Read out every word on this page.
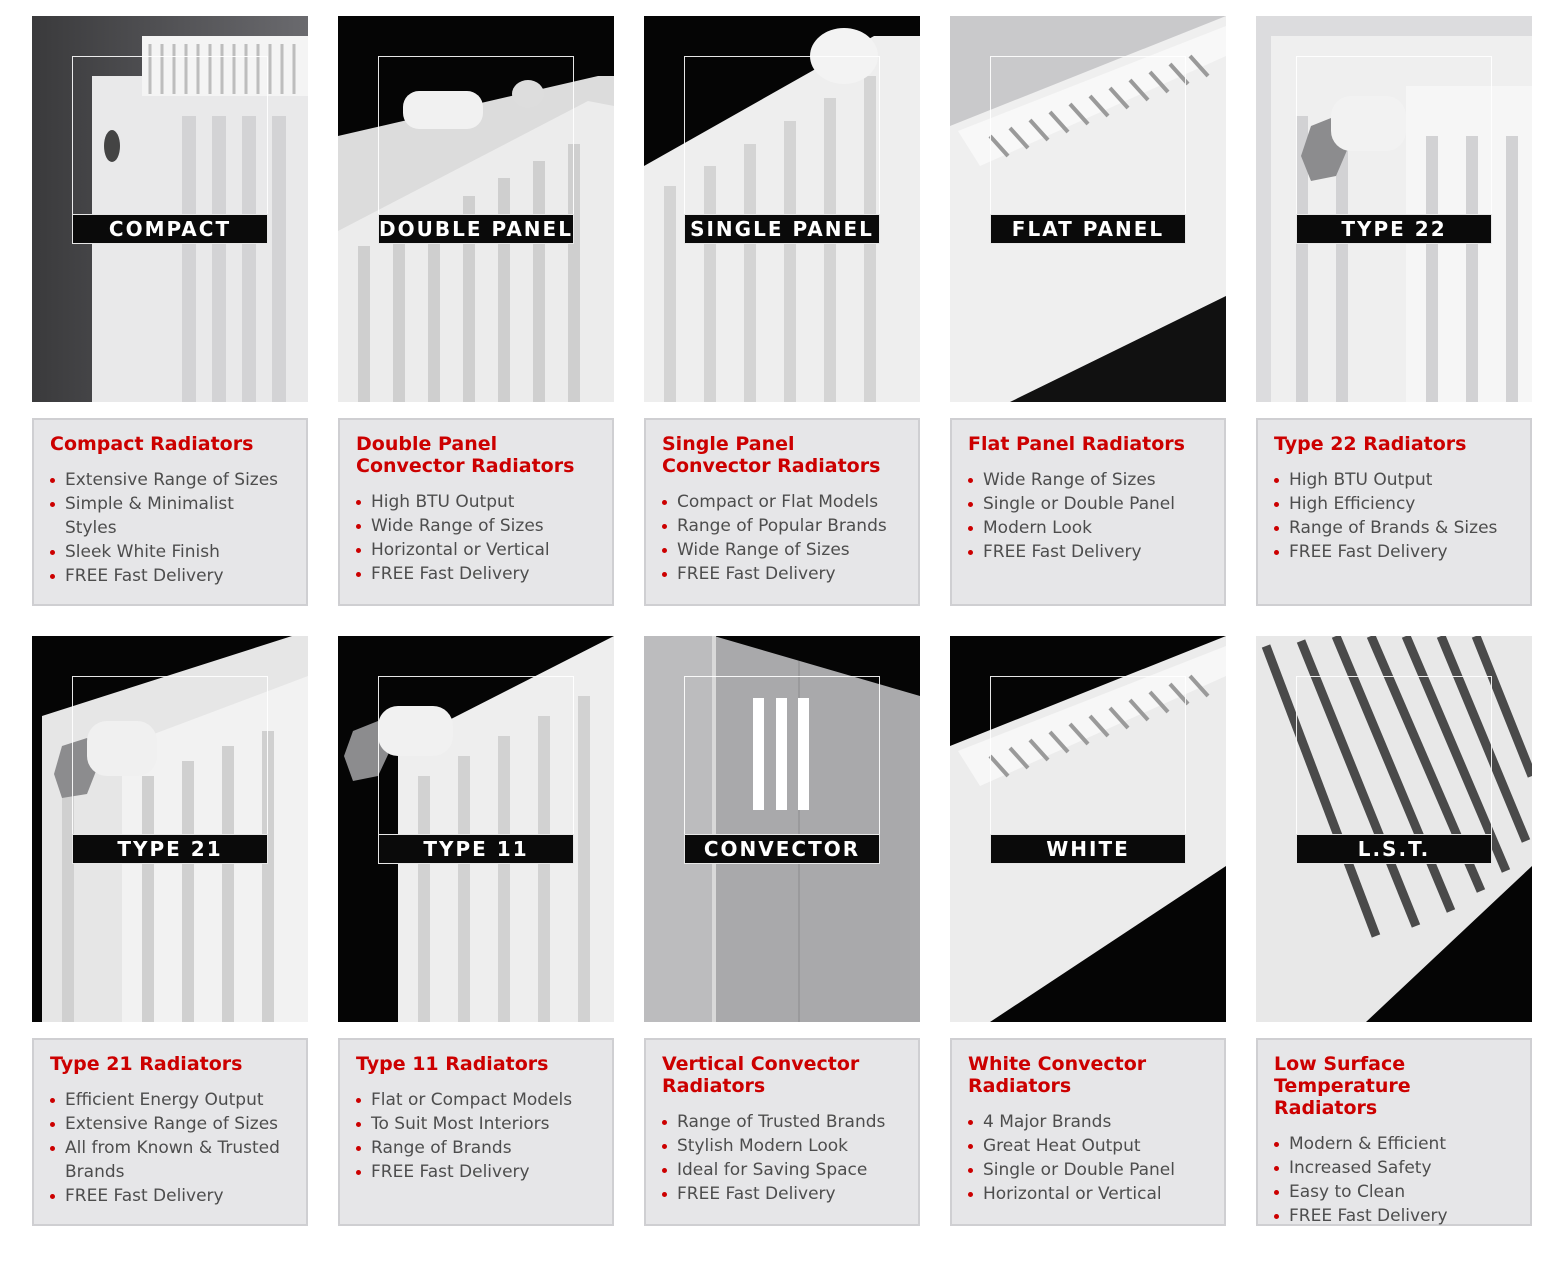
COMPACT
Compact Radiators
Extensive Range of Sizes
Simple & Minimalist Styles
Sleek White Finish
FREE Fast Delivery
DOUBLE PANEL
Double Panel Convector Radiators
High BTU Output
Wide Range of Sizes
Horizontal or Vertical
FREE Fast Delivery
SINGLE PANEL
Single Panel Convector Radiators
Compact or Flat Models
Range of Popular Brands
Wide Range of Sizes
FREE Fast Delivery
FLAT PANEL
Flat Panel Radiators
Wide Range of Sizes
Single or Double Panel
Modern Look
FREE Fast Delivery
TYPE 22
Type 22 Radiators
High BTU Output
High Efficiency
Range of Brands & Sizes
FREE Fast Delivery
TYPE 21
Type 21 Radiators
Efficient Energy Output
Extensive Range of Sizes
All from Known & Trusted Brands
FREE Fast Delivery
TYPE 11
Type 11 Radiators
Flat or Compact Models
To Suit Most Interiors
Range of Brands
FREE Fast Delivery
CONVECTOR
Vertical Convector Radiators
Range of Trusted Brands
Stylish Modern Look
Ideal for Saving Space
FREE Fast Delivery
WHITE
White Convector Radiators
4 Major Brands
Great Heat Output
Single or Double Panel
Horizontal or Vertical
L.S.T.
Low Surface Temperature Radiators
Modern & Efficient
Increased Safety
Easy to Clean
FREE Fast Delivery
